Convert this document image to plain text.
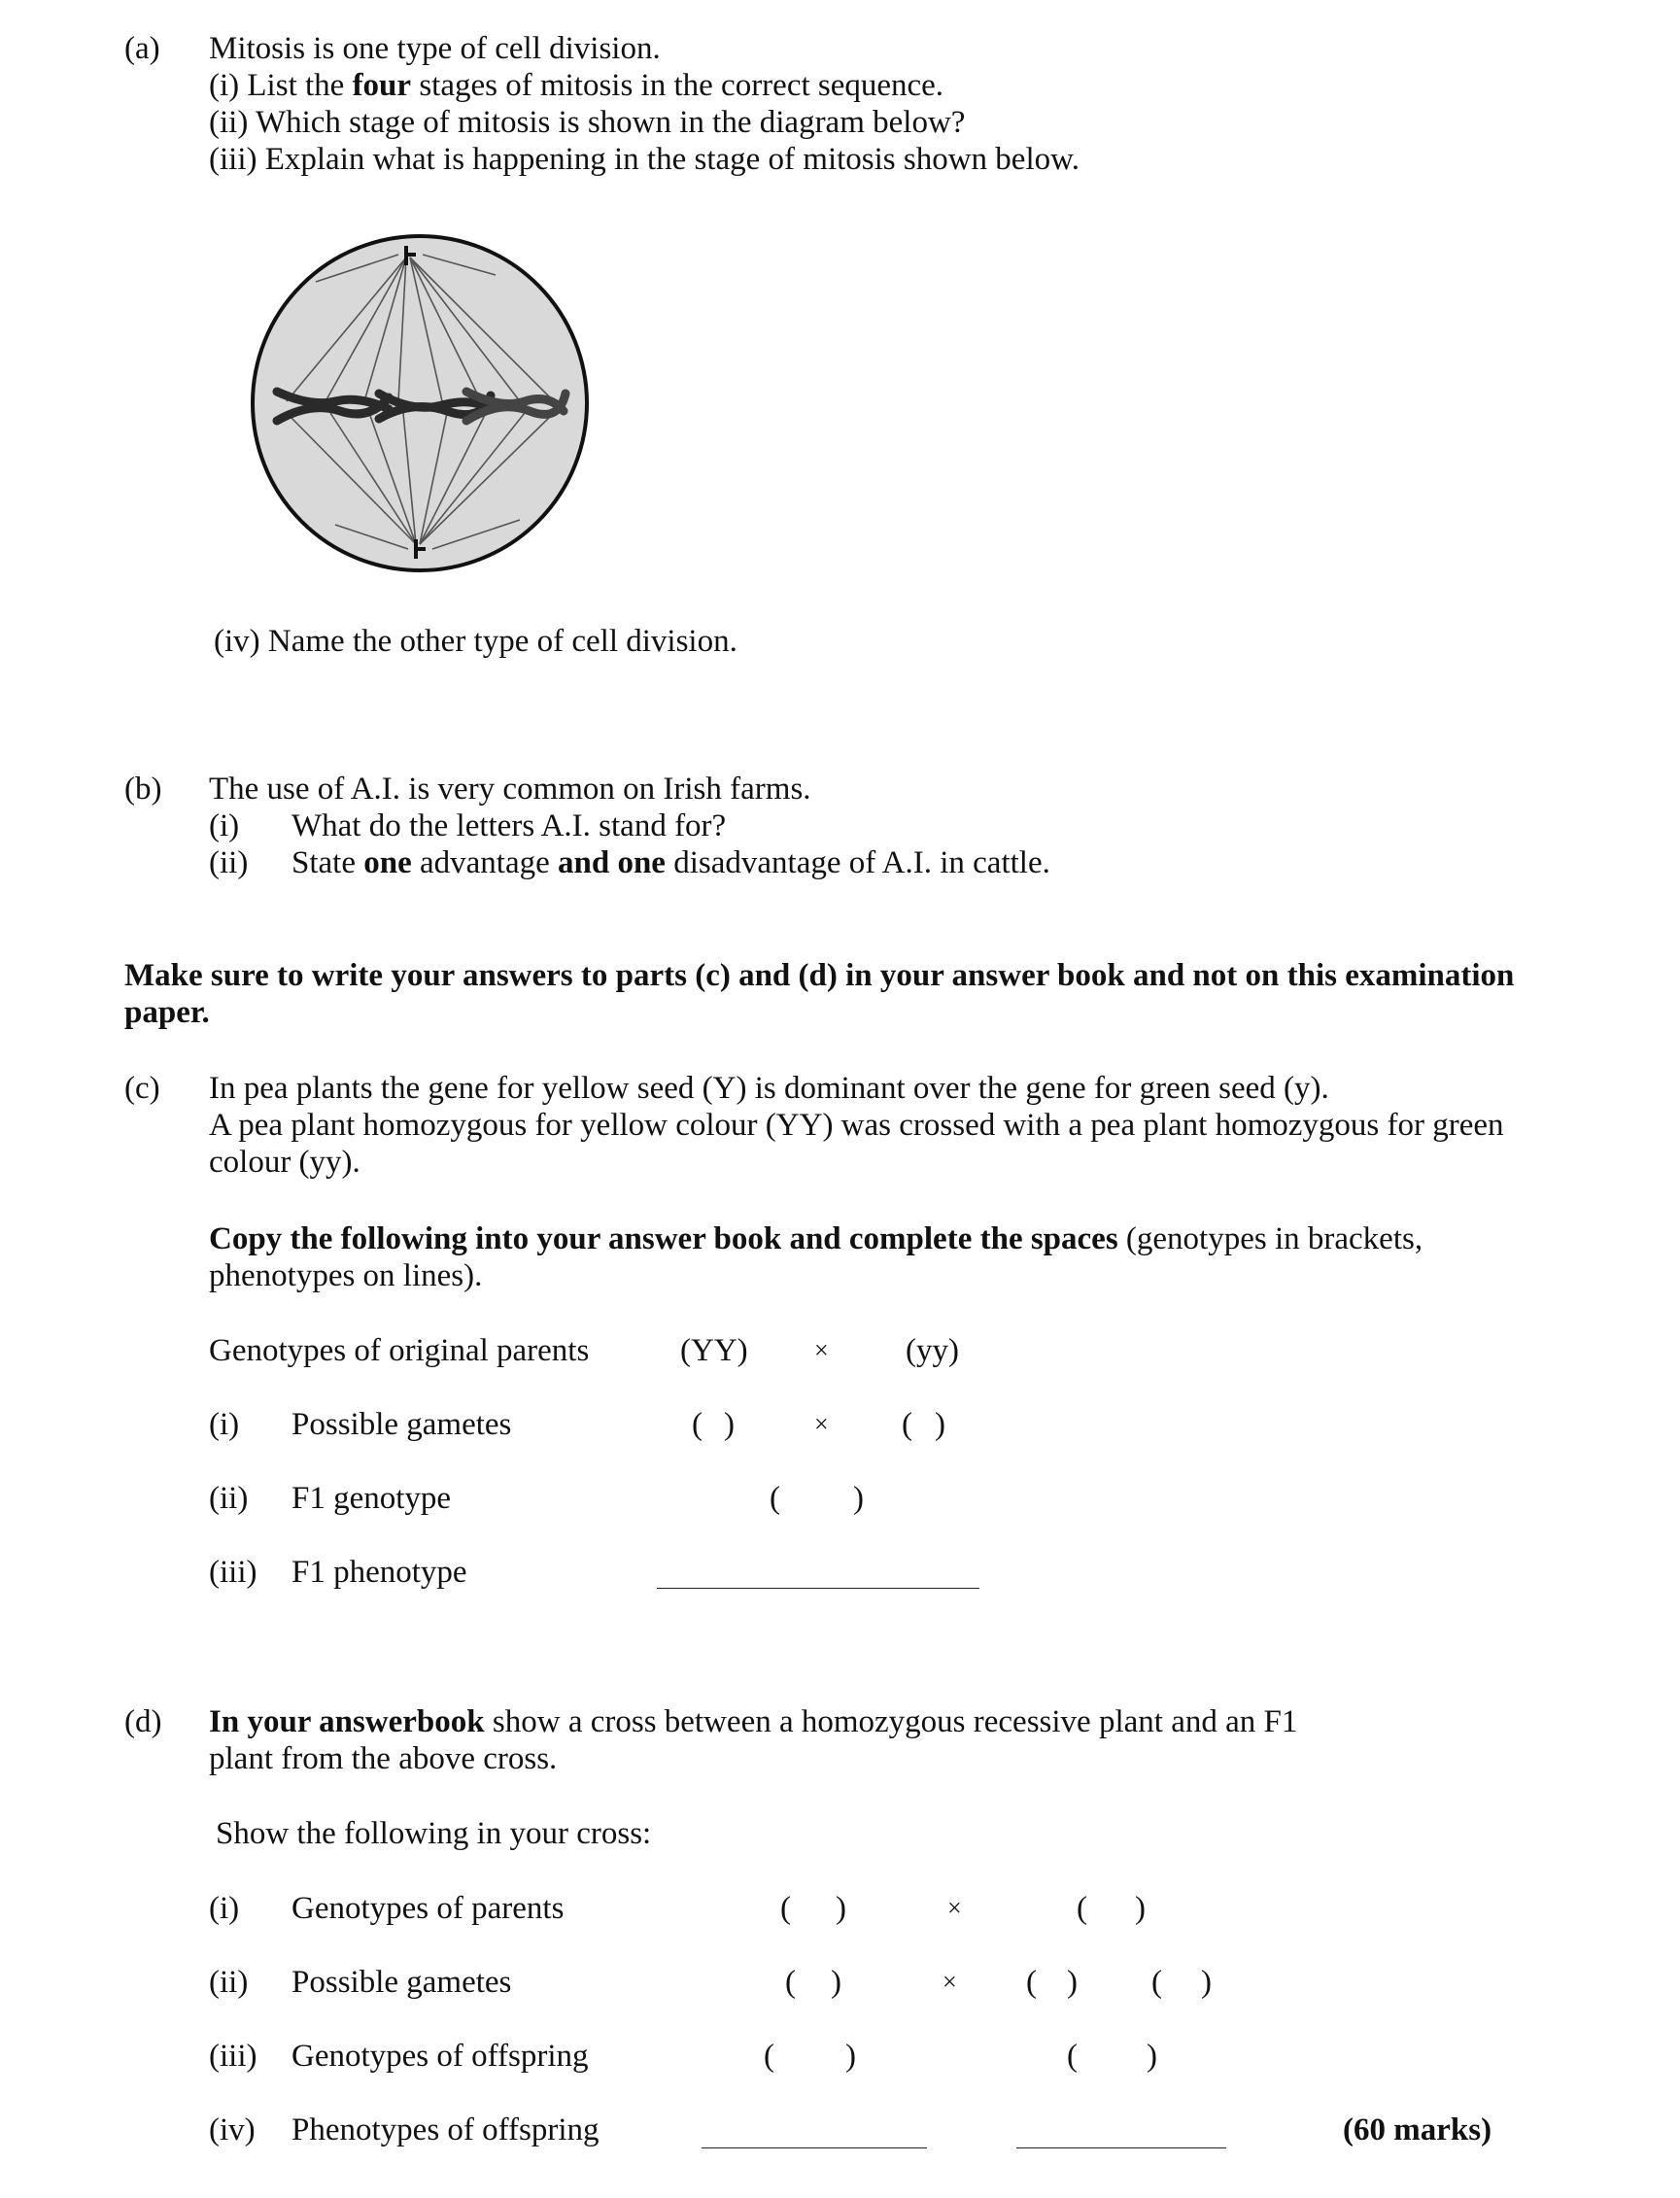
(a) Mitosis is one type of cell division.
(i) List the four stages of mitosis in the correct sequence.
(ii) Which stage of mitosis is shown in the diagram below?
(iii) Explain what is happening in the stage of mitosis shown below.
(iv) Name the other type of cell division.
(b) The use of A.I. is very common on Irish farms.
(i) What do the letters A.I. stand for?
(ii) State one advantage and one disadvantage of A.I. in cattle.
Make sure to write your answers to parts (c) and (d) in your answer book and not on this examination
paper.
(c) In pea plants the gene for yellow seed (Y) is dominant over the gene for green seed (y).
A pea plant homozygous for yellow colour (YY) was crossed with a pea plant homozygous for green
colour (yy).
Copy the following into your answer book and complete the spaces (genotypes in brackets,
phenotypes on lines).
Genotypes of original parents	(YY)	× (yy)
(i) Possible gametes	( )	× ( )
(ii) F1 genotype	( )
(iii) F1 phenotype
(d) In your answerbook show a cross between a homozygous recessive plant and an F1
plant from the above cross.
Show the following in your cross:
(i) Genotypes of parents	( )	×	( )
(ii) Possible gametes	( )	× ( ) ( )
(iii) Genotypes of offspring	( )	( )
(iv) Phenotypes of offspring	(60 marks)
